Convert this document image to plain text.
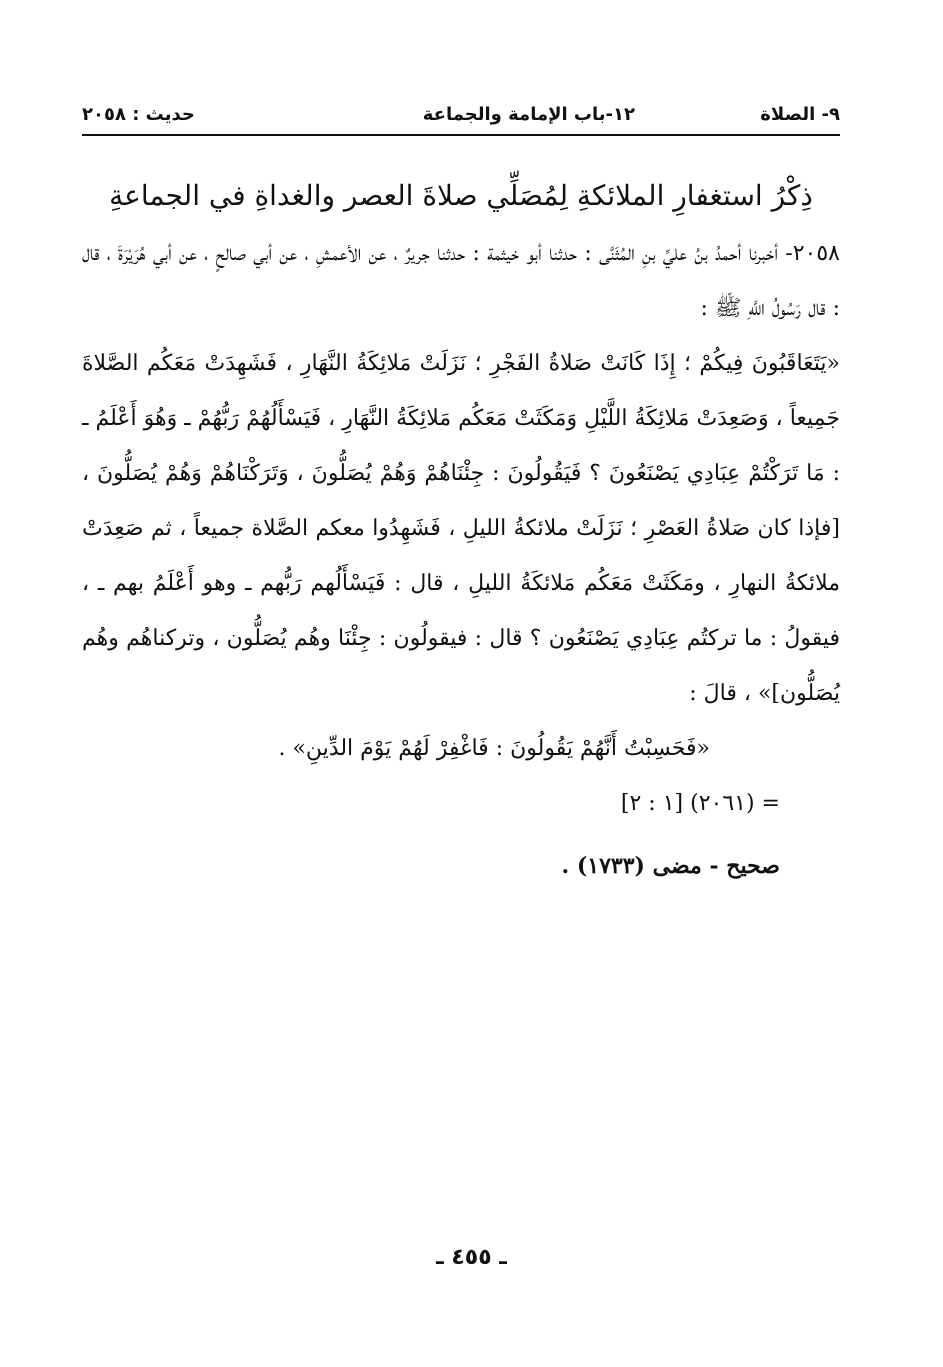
٩- الصلاة
١٢-باب الإمامة والجماعة
حديث : ٢٠٥٨
ذِكْرُ استغفارِ الملائكةِ لِمُصَلِّي صلاةَ العصر والغداةِ في الجماعةِ

٢٠٥٨- أخبرنا أحمدُ بنُ عليِّ بنِ المُثَنَّى : حدثنا أبو خيثمة : حدثنا جريرٌ ، عن الأعمشِ ، عن أبي صالحٍ ، عن أبي هُرَيْرَةَ ، قال : قال رَسُولُ اللَّهِ ﷺ :

«يَتَعَاقَبُونَ فِيكُمْ ؛ إِذَا كَانَتْ صَلاةُ الفَجْرِ ؛ نَزَلَتْ مَلائِكَةُ النَّهَارِ ، فَشَهِدَتْ مَعَكُم الصَّلاةَ جَمِيعاً ، وَصَعِدَتْ مَلائِكَةُ اللَّيْلِ وَمَكَثَتْ مَعَكُم مَلائِكَةُ النَّهَارِ ، فَيَسْأَلُهُمْ رَبُّهُمْ ـ وَهُوَ أَعْلَمُ ـ : مَا تَرَكْتُمْ عِبَادِي يَصْنَعُونَ ؟ فَيَقُولُونَ : جِئْنَاهُمْ وَهُمْ يُصَلُّونَ ، وَتَرَكْنَاهُمْ وَهُمْ يُصَلُّونَ ، [فإذا كان صَلاةُ العَصْرِ ؛ نَزَلَتْ ملائكةُ الليلِ ، فَشَهِدُوا معكم الصَّلاة جميعاً ، ثم صَعِدَتْ ملائكةُ النهارِ ، ومَكَثَتْ مَعَكُم مَلائكَةُ الليلِ ، قال : فَيَسْأَلُهم رَبُّهم ـ وهو أَعْلَمُ بهم ـ ، فيقولُ : ما تركتُم عِبَادِي يَصْنَعُون ؟ قال : فيقولُون : جِئْنَا وهُم يُصَلُّون ، وتركناهُم وهُم يُصَلُّون]» ، قالَ :

«فَحَسِبْتُ أَنَّهُمْ يَقُولُونَ : فَاغْفِرْ لَهُمْ يَوْمَ الدِّينِ» .

= (٢٠٦١) [١ : ٢]

صحيح - مضى (١٧٣٣) .

ـ ٤٥٥ ـ
